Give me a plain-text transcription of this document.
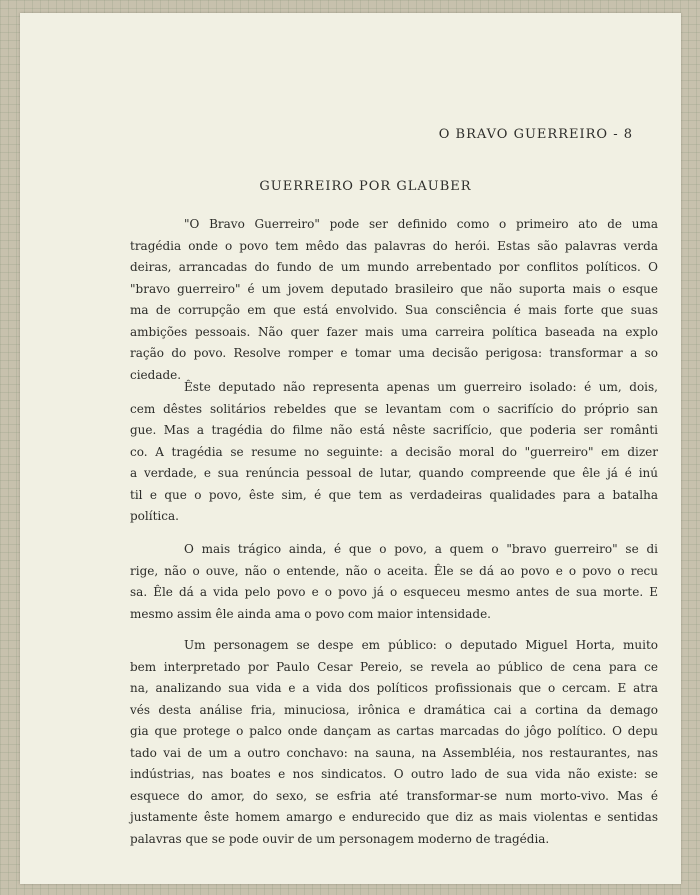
O BRAVO GUERREIRO - 8
GUERREIRO POR GLAUBER

"O Bravo Guerreiro" pode ser definido como o primeiro ato de uma
tragédia onde o povo tem mêdo das palavras do herói. Estas são palavras verda
deiras, arrancadas do fundo de um mundo arrebentado por conflitos políticos. O
"bravo guerreiro" é um jovem deputado brasileiro que não suporta mais o esque
ma de corrupção em que está envolvido. Sua consciência é mais forte que suas
ambições pessoais. Não quer fazer mais uma carreira política baseada na explo
ração do povo. Resolve romper e tomar uma decisão perigosa: transformar a so
ciedade.

Êste deputado não representa apenas um guerreiro isolado: é um, dois,
cem dêstes solitários rebeldes que se levantam com o sacrifício do próprio san
gue. Mas a tragédia do filme não está nêste sacrifício, que poderia ser românti
co. A tragédia se resume no seguinte: a decisão moral do "guerreiro" em dizer
a verdade, e sua renúncia pessoal de lutar, quando compreende que êle já é inú
til e que o povo, êste sim, é que tem as verdadeiras qualidades para a batalha
política.

O mais trágico ainda, é que o povo, a quem o "bravo guerreiro" se di
rige, não o ouve, não o entende, não o aceita. Êle se dá ao povo e o povo o recu
sa. Êle dá a vida pelo povo e o povo já o esqueceu mesmo antes de sua morte. E
mesmo assim êle ainda ama o povo com maior intensidade.

Um personagem se despe em público: o deputado Miguel Horta, muito
bem interpretado por Paulo Cesar Pereio, se revela ao público de cena para ce
na, analizando sua vida e a vida dos políticos profissionais que o cercam. E atra
vés desta análise fria, minuciosa, irônica e dramática cai a cortina da demago
gia que protege o palco onde dançam as cartas marcadas do jôgo político. O depu
tado vai de um a outro conchavo: na sauna, na Assembléia, nos restaurantes, nas
indústrias, nas boates e nos sindicatos. O outro lado de sua vida não existe: se
esquece do amor, do sexo, se esfria até transformar-se num morto-vivo. Mas é
justamente êste homem amargo e endurecido que diz as mais violentas e sentidas
palavras que se pode ouvir de um personagem moderno de tragédia.
